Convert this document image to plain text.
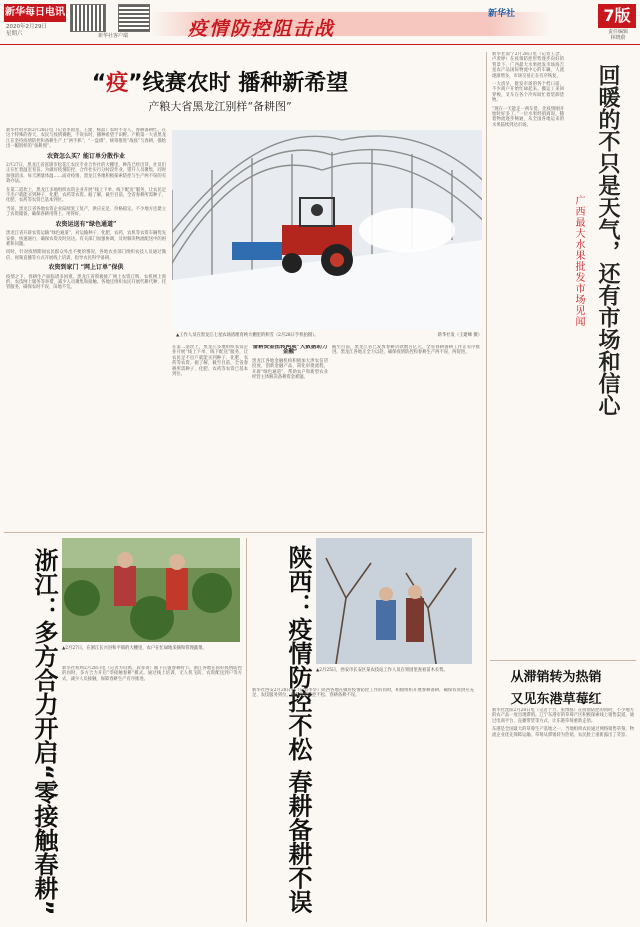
新华每日电讯
2020年2月29日
星期六	新华社客户端	疫情防控阻击战
新华社	7版
责任编辑
林晓蔚
“疫”线赛农时 播种新希望
产粮大省黑龙江别样“备耕图”

新华社哈尔滨2月28日电（记者李国龙、王建、杨喆）农时不等人，春耕备耕忙。在这个特殊的春天，农民与疫情赛跑，不误农时，播种希望于田野。产粮第一大省黑龙江在坚持疫情防控和备耕生产上“两手抓”，“一盘棋”，统筹推进“战疫”与春耕，描绘出一幅别样的“备耕图”。

农资怎么买？能订单分散作业

2月27日，黑龙江省富锦市松花江农民专业合作社的大棚里，种苗已经出芽，社员们正在忙着温室育苗。为做好疫情防控，合作社实行分时段作业，错开人员聚集，同时加强消杀，每天测量体温……面对疫情，黑龙江各地积极探索防控与生产两不误的有效办法。

在第二道坎上，黑龙江多地组织农资企业开展“线上下单、线下配送”服务，让农民足不出户就能买到种子、化肥、农药等农资。据了解，截至目前，全省春耕所需种子、化肥、农药等农资已基本到位。

当前，黑龙江省各地农资企业陆续复工复产，供应充足、价格稳定。不少地方还建立了农资储备，确保春耕用得上、用得好。

农资运送有“绿色通道”

黑龙江省开辟农资运输“绿色通道”，对运输种子、化肥、农药、农机等农资车辆优先安排、快速通行，确保农资及时送达。有关部门加强协调，及时解决物流配送中的困难和问题。

同时，针对疫情期间农民群众外出不便的情况，各地农业部门组织农技人员通过微信、视频直播等方式开展线上培训，指导农民科学备耕。

农资到家门 “网上订单”保供

疫情之下，春耕生产面临诸多困难。黑龙江省积极推广网上农资订购、农机网上预约、农技网上服务等举措，减少人员聚集和接触。各地还组织农民开展代耕代种、托管服务，确保农时不误、田地不荒。

▲工作人员在黑龙江七星农场清理育秧大棚里的积雪（2月28日手机拍摄）。	新华社发（王建峰 摄）

在第二道坎上，黑龙江多地组织农资企业开展“线上下单、线下配送”服务，让农民足不出户就能买到种子、化肥、农药等农资。据了解，截至目前，全省春耕所需种子、化肥、农药等农资已基本到位。

备耕资金扭转两项“大数据助力金融”

黑龙江各地金融机构积极加大涉农信贷投放，创新金融产品，简化审批流程，开辟“绿色通道”，帮助农户和新型农业经营主体解决备耕资金难题。

截至目前，黑龙江省已发放春耕贷款数百亿元，全省春耕备耕工作正有序推进。黑龙江各地正全力以赴，确保疫情防控和春耕生产两不误、两促进。

新华社南宁2月28日电（记者王念、卢羡婷）在疫情防控形势逐步向好的背景下，广西最大水果批发市场海吉星农产品国际物流中心的车辆、人流逐渐增多，市场交易正在有序恢复。

一大清早，批发市场的各个档口前，不少商户开始忙碌起来。搬运工来回穿梭，叉车在各个冷库间忙着装卸货物。

“现在一天能走一两车货，比疫情刚开始时好多了。”一位水果经销商说。随着物流逐步畅通，从全国各地运来的水果陆续到达市场。	回暖的不只是天气，还有市场和信心
广西最大水果批发市场见闻
从滞销转为热销
又见东港草莓红

新华社沈阳2月28日电（记者于力、张博群）在疫情防控的同时，不少地方的农产品一度出现滞销。辽宁东港市的草莓产区积极探索线上销售渠道，通过电商平台、直播带货等方式，让东港草莓重新走俏。

东港是全国最大的草莓生产基地之一。当地组织农民通过网络销售草莓，物流企业优先保障运输，草莓从滞销转为热销，农民脸上重新露出了笑容。

浙江：多方合力开启“零接触春耕” ▲2月27日，在浙江长兴县和平镇的大棚里，农户在忙碌地采摘和管理蔬菜。

新华社杭州2月28日电（记者方问禹、段菁菁）眼下正值春耕时节，浙江各地在抓好疫情防控的同时，多方合力开启“零接触春耕”模式。通过线上培训、无人机飞防、农资配送到户等方式，减少人员接触，保障春耕生产有序推进。	陕西：疫情防控不松 春耕备耕不误 ▲2月25日，西安市长安区某农技站工作人员在果园里查看苗木长势。

新华社西安2月28日电（记者李华）陕西各地在做好疫情防控工作的同时，积极组织开展春耕备耕，确保农资供应充足、农技服务到位，确保疫情防控不松、春耕备耕不误。
